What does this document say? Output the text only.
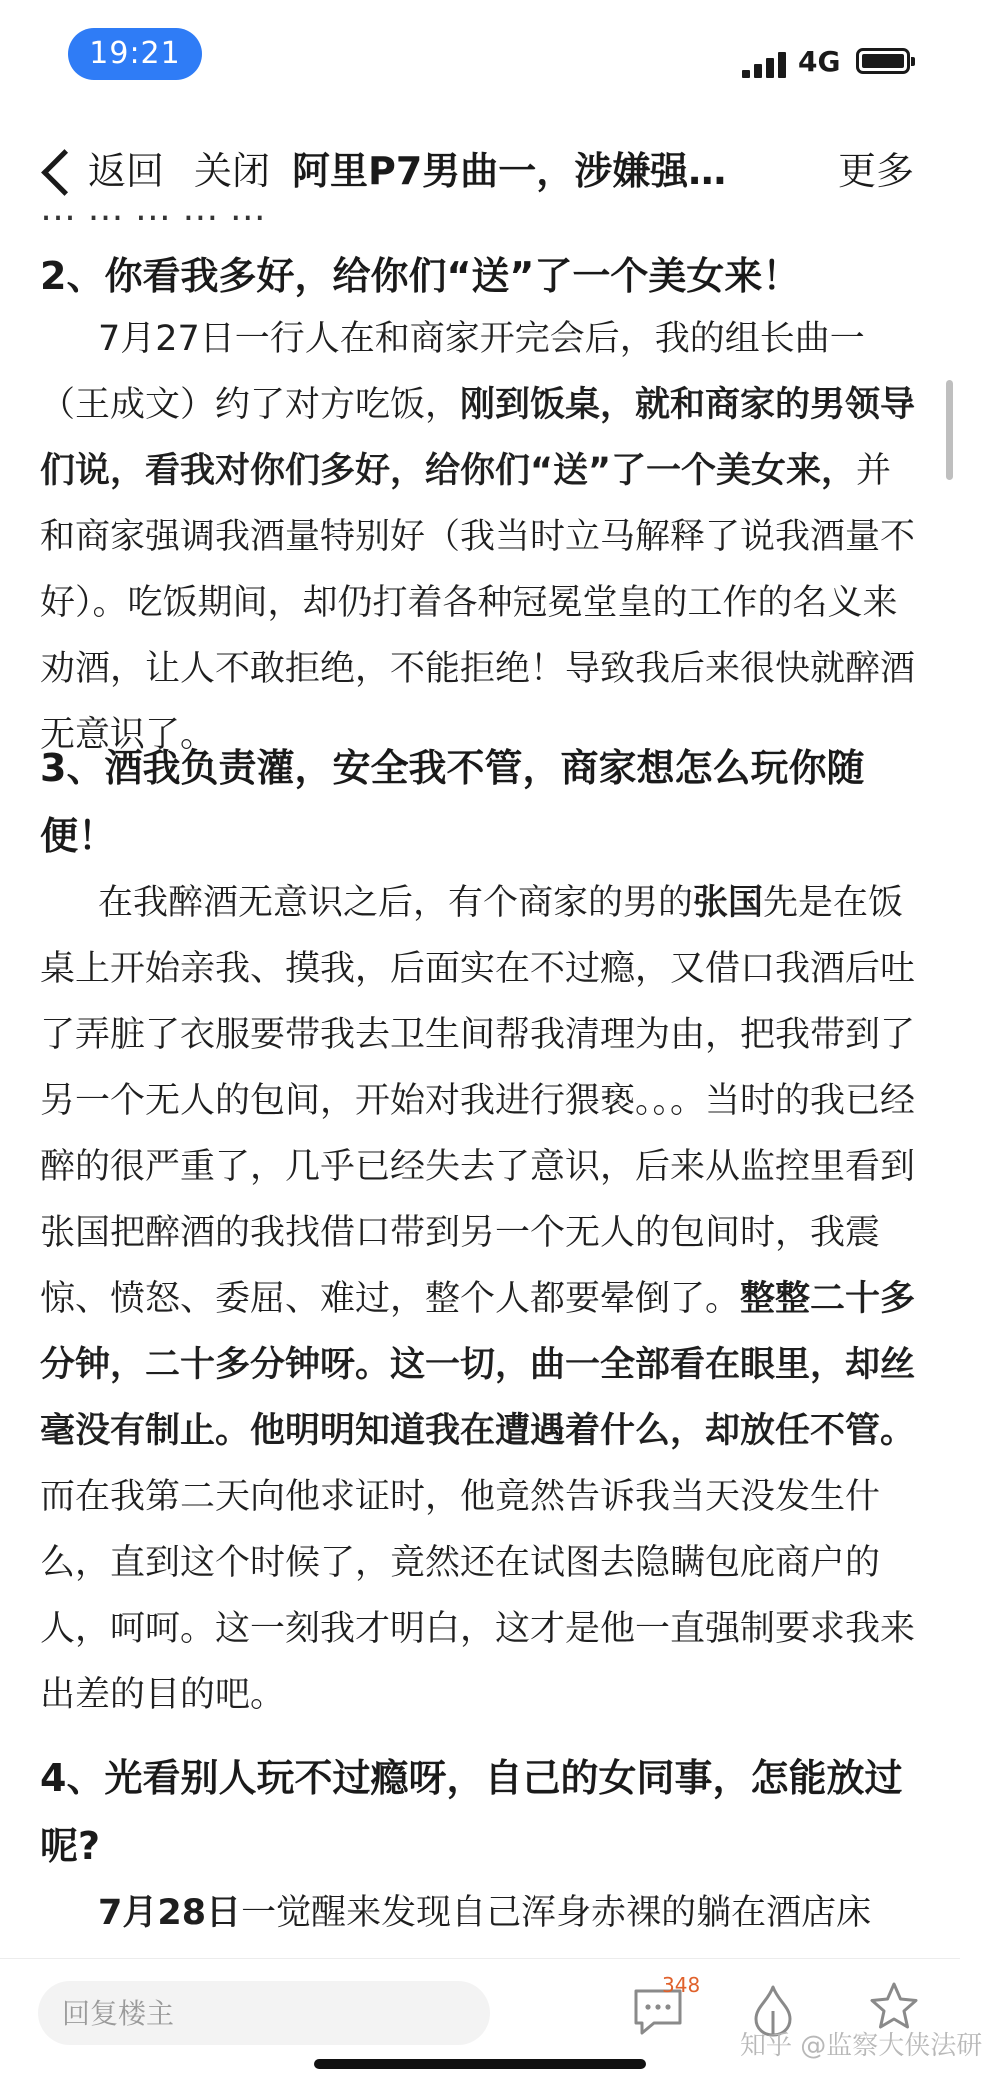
19:21	4G
返回 关闭 阿里P7男曲一，涉嫌强…	更多
2、你看我多好，给你们“送”了一个美女来！

7月27日一行人在和商家开完会后，我的组长曲一（王成文）约了对方吃饭，刚到饭桌，就和商家的男领导们说，看我对你们多好，给你们“送”了一个美女来，并和商家强调我酒量特别好（我当时立马解释了说我酒量不好）。吃饭期间，却仍打着各种冠冕堂皇的工作的名义来劝酒，让人不敢拒绝，不能拒绝！导致我后来很快就醉酒无意识了。

3、酒我负责灌，安全我不管，商家想怎么玩你随便！

在我醉酒无意识之后，有个商家的男的张国先是在饭桌上开始亲我、摸我，后面实在不过瘾，又借口我酒后吐了弄脏了衣服要带我去卫生间帮我清理为由，把我带到了另一个无人的包间，开始对我进行猥亵。。。当时的我已经醉的很严重了，几乎已经失去了意识，后来从监控里看到张国把醉酒的我找借口带到另一个无人的包间时，我震惊、愤怒、委屈、难过，整个人都要晕倒了。整整二十多分钟，二十多分钟呀。这一切，曲一全部看在眼里，却丝毫没有制止。他明明知道我在遭遇着什么，却放任不管。而在我第二天向他求证时，他竟然告诉我当天没发生什么，直到这个时候了，竟然还在试图去隐瞒包庇商户的人，呵呵。这一刻我才明白，这才是他一直强制要求我来出差的目的吧。

4、光看别人玩不过瘾呀，自己的女同事，怎能放过呢?

7月28日一觉醒来发现自己浑身赤裸的躺在酒店床

回复楼主
348
知乎 @监察大侠法研
